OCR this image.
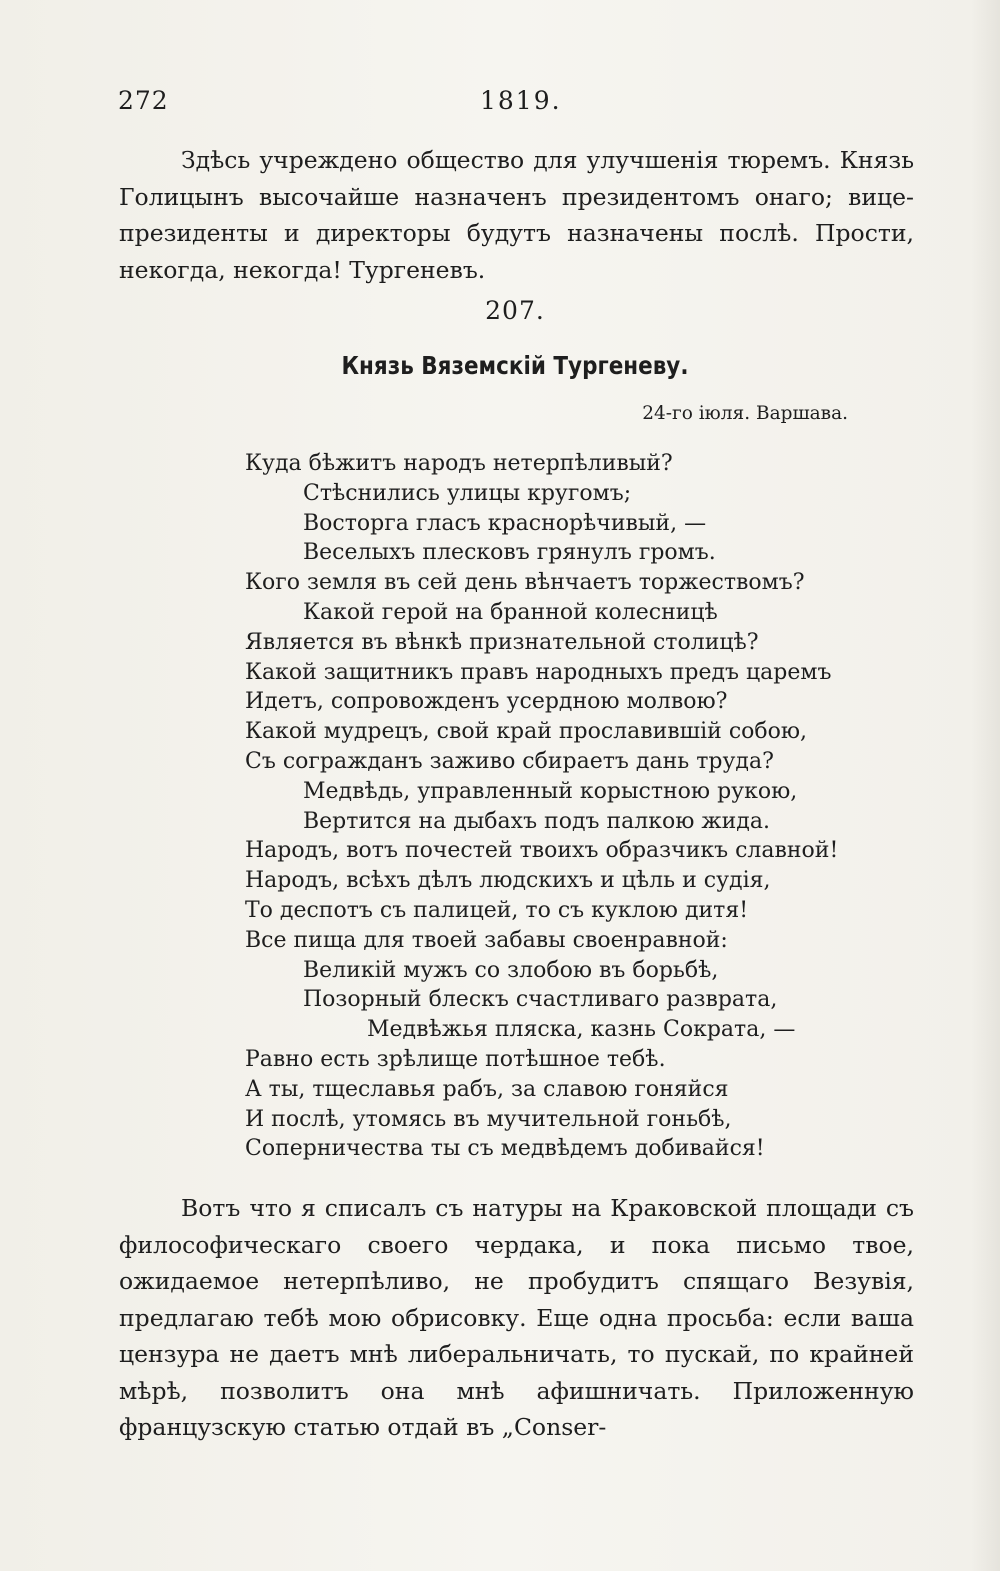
272	1819.

Здѣсь учреждено общество для улучшенія тюремъ. Князь Голицынъ высочайше назначенъ президентомъ онаго; вице-президенты и директоры будутъ назначены послѣ. Прости, некогда, некогда! Тургеневъ.

207.
Князь Вяземскій Тургеневу.
24-го іюля. Варшава.
Куда бѣжитъ народъ нетерпѣливый?
Стѣснились улицы кругомъ;
Восторга гласъ краснорѣчивый, —
Веселыхъ плесковъ грянулъ громъ.
Кого земля въ сей день вѣнчаетъ торжествомъ?
Какой герой на бранной колесницѣ
Является въ вѣнкѣ признательной столицѣ?
Какой защитникъ правъ народныхъ предъ царемъ
Идетъ, сопровожденъ усердною молвою?
Какой мудрецъ, свой край прославившій собою,
Съ согражданъ заживо сбираетъ дань труда?
Медвѣдь, управленный корыстною рукою,
Вертится на дыбахъ подъ палкою жида.
Народъ, вотъ почестей твоихъ образчикъ славной!
Народъ, всѣхъ дѣлъ людскихъ и цѣль и судія,
То деспотъ съ палицей, то съ куклою дитя!
Все пища для твоей забавы своенравной:
Великій мужъ со злобою въ борьбѣ,
Позорный блескъ счастливаго разврата,
Медвѣжья пляска, казнь Сократа, —
Равно есть зрѣлище потѣшное тебѣ.
А ты, тщеславья рабъ, за славою гоняйся
И послѣ, утомясь въ мучительной гоньбѣ,
Соперничества ты съ медвѣдемъ добивайся!

Вотъ что я списалъ съ натуры на Краковской площади съ философическаго своего чердака, и пока письмо твое, ожидаемое нетерпѣливо, не пробудитъ спящаго Везувія, предлагаю тебѣ мою обрисовку. Еще одна просьба: если ваша цензура не даетъ мнѣ либеральничать, то пускай, по крайней мѣрѣ, позволитъ она мнѣ афишничать. Приложенную французскую статью отдай въ „Conser-
